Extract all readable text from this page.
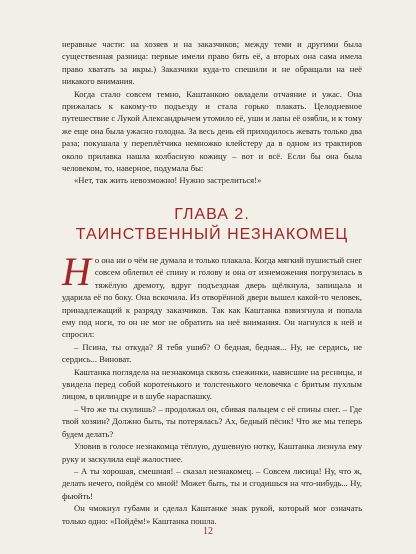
неравные части: на хозяев и на заказчиков; между теми и другими была существенная разница: первые имели право бить её, а вторых она сама имела право хватать за икры.) Заказчики куда-то спешили и не обращали на неё никакого внимания.

Когда стало совсем темно, Каштанкою овладели отчаяние и ужас. Она прижалась к какому-то подъезду и стала горько плакать. Целодневное путешествие с Лукой Александрычем утомило её, уши и лапы её озябли, и к тому же еще она была ужасно голодна. За весь день ей приходилось жевать только два раза; покушала у переплётчика немножко клейстеру да в одном из трактиров около прилавка нашла колбасную кожицу – вот и всё. Если бы она была человеком, то, наверное, подумала бы:

«Нет, так жить невозможно! Нужно застрелиться!»

ГЛАВА 2.
ТАИНСТВЕННЫЙ НЕЗНАКОМЕЦ

Но она ни о чём не думала и только плакала. Когда мягкий пушистый снег совсем облепил её спину и голову и она от изнеможения погрузилась в тяжёлую дремоту, вдруг подъездная дверь щёлкнула, запищала и ударила её по боку. Она вскочила. Из отворённой двери вышел какой-то человек, принадлежащий к разряду заказчиков. Так как Каштанка взвизгнула и попала ему под ноги, то он не мог не обратить на неё внимания. Он нагнулся к ней и спросил:

– Псина, ты откуда? Я тебя ушиб? О бедная, бедная... Ну, не сердись, не сердись... Виноват.

Каштанка поглядела на незнакомца сквозь снежинки, нависшие на ресницы, и увидела перед собой коротенького и толстенького человечка с бритым пухлым лицом, в цилиндре и в шубе нараспашку.

– Что же ты скулишь? – продолжал он, сбивая пальцем с её спины снег. – Где твой хозяин? Должно быть, ты потерялась? Ах, бедный пёсик! Что же мы теперь будем делать?

Уловив в голосе незнакомца тёплую, душевную нотку, Каштанка лизнула ему руку и заскулила ещё жалостнее.

– А ты хорошая, смешная! – сказал незнакомец. – Совсем лисица! Ну, что ж, делать нечего, пойдём со мной! Может быть, ты и сгодишься на что-нибудь... Ну, фьюйть!

Он чмокнул губами и сделал Каштанке знак рукой, который мог означать только одно: «Пойдём!» Каштанка пошла.

12
